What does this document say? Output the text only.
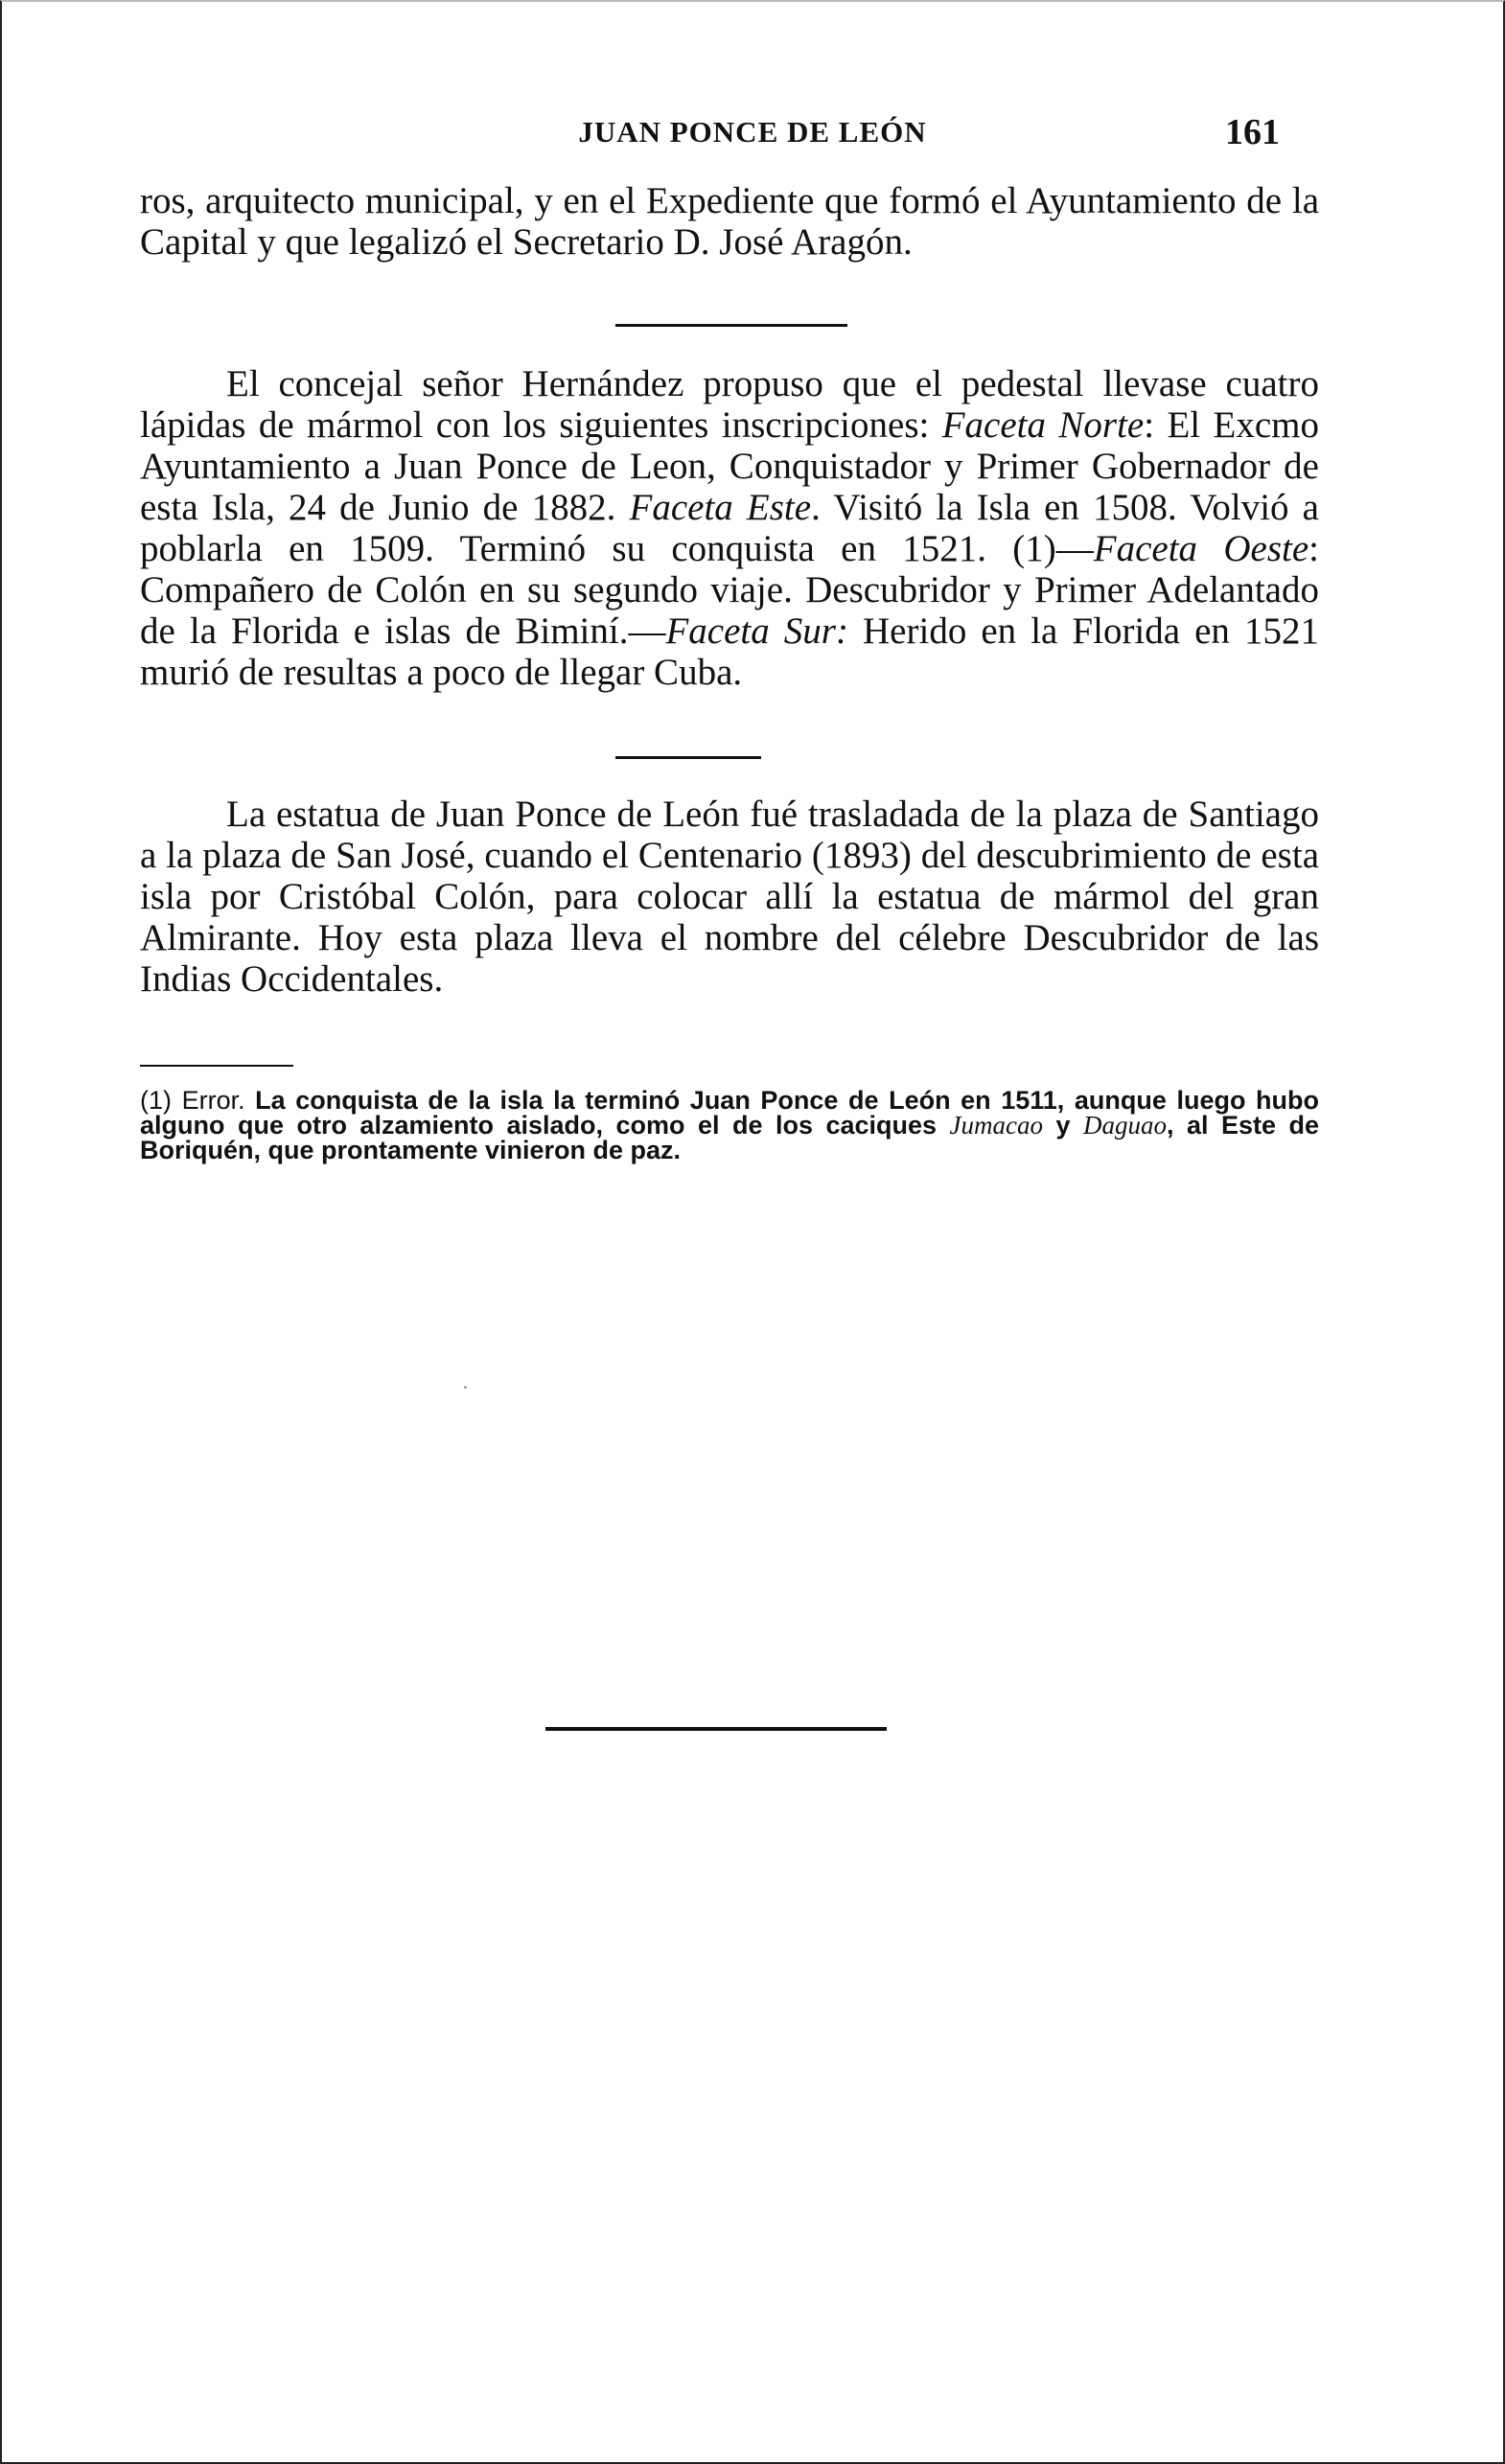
JUAN PONCE DE LEÓN	161
ros, arquitecto municipal, y en el Expediente que formó el Ayuntamiento de la Capital y que legalizó el Secretario D. José Aragón.
El concejal señor Hernández propuso que el pedestal llevase cuatro lápidas de mármol con los siguientes inscripciones: Faceta Norte: El Excmo Ayuntamiento a Juan Ponce de Leon, Conquistador y Primer Gobernador de esta Isla, 24 de Junio de 1882. Faceta Este. Visitó la Isla en 1508. Volvió a poblarla en 1509. Terminó su conquista en 1521. (1)—Faceta Oeste: Compañero de Colón en su segundo viaje. Descubridor y Primer Adelantado de la Florida e islas de Biminí.—Faceta Sur: Herido en la Florida en 1521 murió de resultas a poco de llegar Cuba.
La estatua de Juan Ponce de León fué trasladada de la plaza de Santiago a la plaza de San José, cuando el Centenario (1893) del descubrimiento de esta isla por Cristóbal Colón, para colocar allí la estatua de mármol del gran Almirante. Hoy esta plaza lleva el nombre del célebre Descubridor de las Indias Occidentales.
(1) Error. La conquista de la isla la terminó Juan Ponce de León en 1511, aunque luego hubo alguno que otro alzamiento aislado, como el de los caciques Jumacao y Daguao, al Este de Boriquén, que prontamente vinieron de paz.
